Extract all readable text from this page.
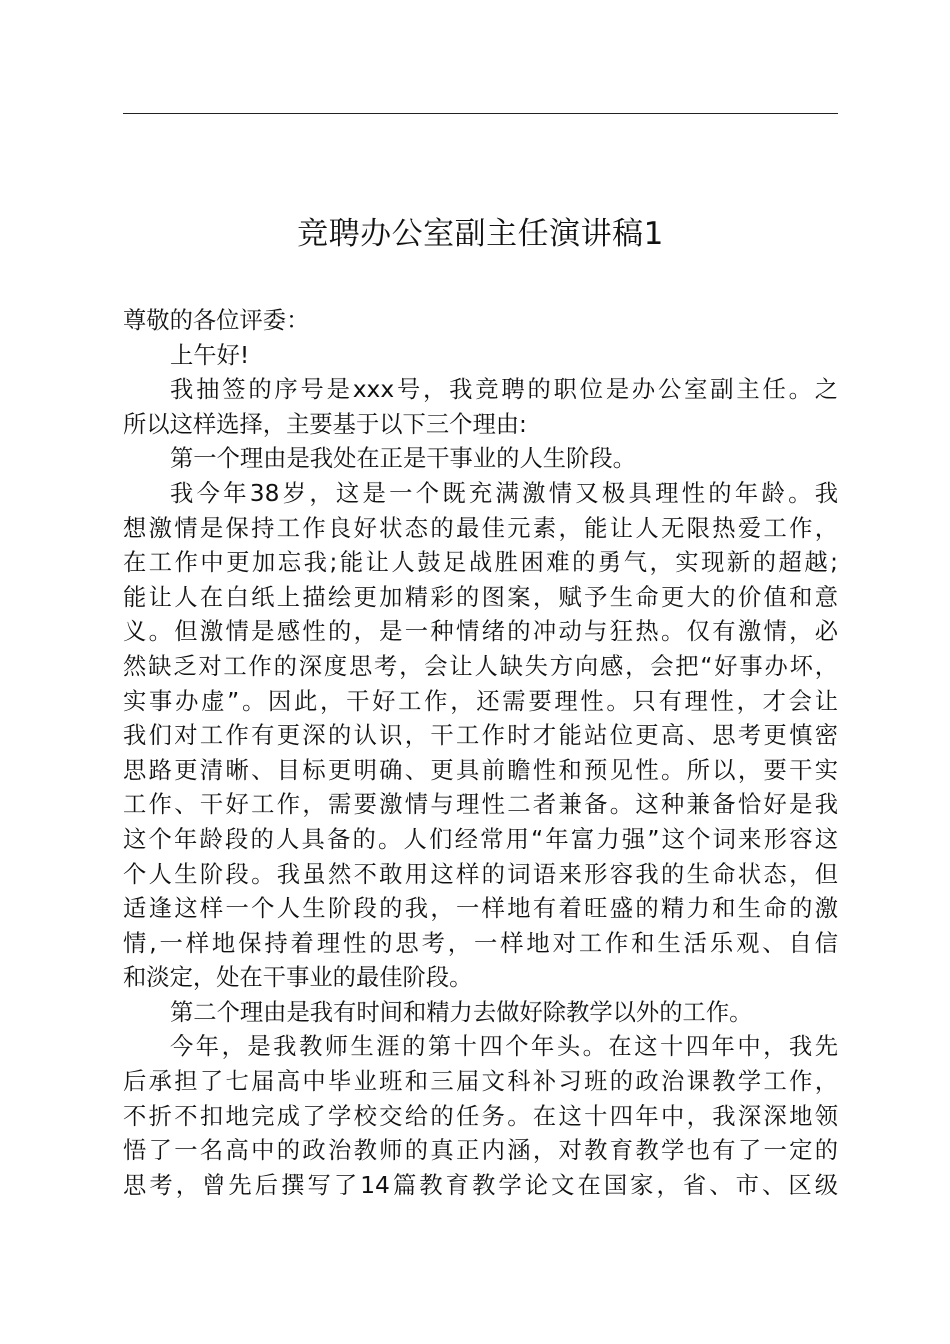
竞聘办公室副主任演讲稿1

尊敬的各位评委：

上午好!

我抽签的序号是xxx号，我竞聘的职位是办公室副主任。之
所以这样选择，主要基于以下三个理由:

第一个理由是我处在正是干事业的人生阶段。

我今年38岁，这是一个既充满激情又极具理性的年龄。我
想激情是保持工作良好状态的最佳元素，能让人无限热爱工作，
在工作中更加忘我;能让人鼓足战胜困难的勇气，实现新的超越;
能让人在白纸上描绘更加精彩的图案，赋予生命更大的价值和意
义。但激情是感性的，是一种情绪的冲动与狂热。仅有激情，必
然缺乏对工作的深度思考，会让人缺失方向感，会把“好事办坏，
实事办虚”。因此，干好工作，还需要理性。只有理性，才会让
我们对工作有更深的认识，干工作时才能站位更高、思考更慎密
思路更清晰、目标更明确、更具前瞻性和预见性。所以，要干实
工作、干好工作，需要激情与理性二者兼备。这种兼备恰好是我
这个年龄段的人具备的。人们经常用“年富力强”这个词来形容这
个人生阶段。我虽然不敢用这样的词语来形容我的生命状态，但
适逢这样一个人生阶段的我，一样地有着旺盛的精力和生命的激
情,一样地保持着理性的思考，一样地对工作和生活乐观、自信
和淡定，处在干事业的最佳阶段。

第二个理由是我有时间和精力去做好除教学以外的工作。

今年，是我教师生涯的第十四个年头。在这十四年中，我先
后承担了七届高中毕业班和三届文科补习班的政治课教学工作，
不折不扣地完成了学校交给的任务。在这十四年中，我深深地领
悟了一名高中的政治教师的真正内涵，对教育教学也有了一定的
思考，曾先后撰写了14篇教育教学论文在国家，省、市、区级
